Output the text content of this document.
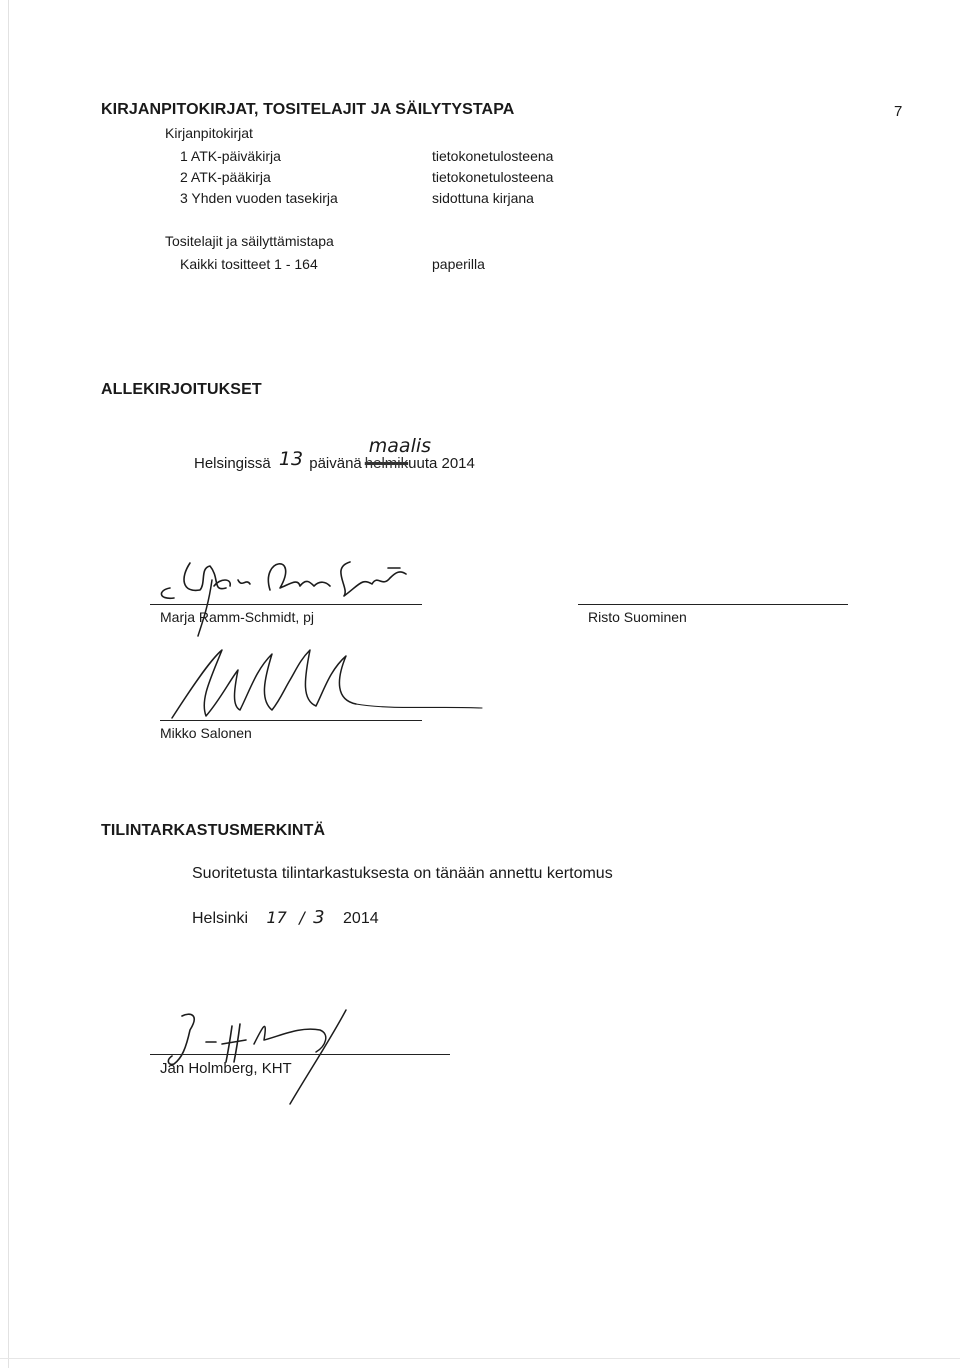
KIRJANPITOKIRJAT, TOSITELAJIT JA SÄILYTYSTAPA	7
Kirjanpitokirjat
1 ATK-päiväkirja	tietokonetulosteena
2 ATK-pääkirja	tietokonetulosteena
3 Yhden vuoden tasekirja	sidottuna kirjana
Tositelajit ja säilyttämistapa
Kaikki tositteet 1 - 164	paperilla
ALLEKIRJOITUKSET
Helsingissä 13 päivänä
maalis
helmikuuta 2014
Marja Ramm-Schmidt, pj	Risto Suominen
Mikko Salonen
TILINTARKASTUSMERKINTÄ
Suoritetusta tilintarkastuksesta on tänään annettu kertomus
Helsinki 17 / 3 2014
Jan Holmberg, KHT
